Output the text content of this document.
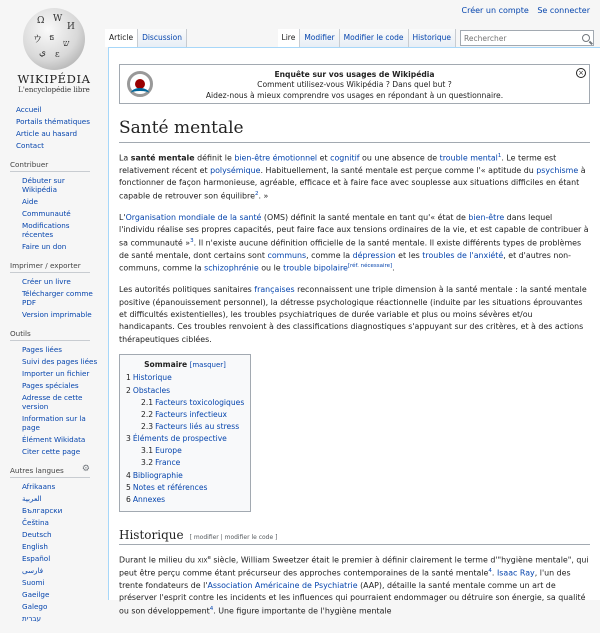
Créer un compte Se connecter
Ω W
И
ウ ธ
ש
ي ε
WIKIPÉDIA
L'encyclopédie libre
Article	Discussion	Lire	Modifier	Modifier le code	Historique
Rechercher
Accueil
Portails thématiques
Article au hasard
Contact
Contribuer
Débuter sur Wikipédia
Aide
Communauté
Modifications récentes
Faire un don
Imprimer / exporter
Créer un livre
Télécharger comme PDF
Version imprimable
Outils
Pages liées
Suivi des pages liées
Importer un fichier
Pages spéciales
Adresse de cette version
Information sur la page
Élément Wikidata
Citer cette page
Autres langues ⚙
Afrikaans
العربية
Български
Čeština
Deutsch
English
Español
فارسی
Suomi
Gaeilge
Galego
עברית
Enquête sur vos usages de Wikipédia
Comment utilisez-vous Wikipédia ? Dans quel but ?
Aidez-nous à mieux comprendre vos usages en répondant à un questionnaire.
×
Santé mentale

La santé mentale définit le bien-être émotionnel et cognitif ou une absence de trouble mental$^1$. Le terme est relativement récent et polysémique. Habituellement, la santé mentale est perçue comme l'« aptitude du psychisme à fonctionner de façon harmonieuse, agréable, efficace et à faire face avec souplesse aux situations difficiles en étant capable de retrouver son équilibre$^2$. »

L'Organisation mondiale de la santé (OMS) définit la santé mentale en tant qu'« état de bien-être dans lequel l'individu réalise ses propres capacités, peut faire face aux tensions ordinaires de la vie, et est capable de contribuer à sa communauté »$^3$. Il n'existe aucune définition officielle de la santé mentale. Il existe différents types de problèmes de santé mentale, dont certains sont communs, comme la dépression et les troubles de l'anxiété, et d'autres non-communs, comme la schizophrénie ou le trouble bipolaire[réf. nécessaire].

Les autorités politiques sanitaires françaises reconnaissent une triple dimension à la santé mentale : la santé mentale positive (épanouissement personnel), la détresse psychologique réactionnelle (induite par les situations éprouvantes et difficultés existentielles), les troubles psychiatriques de durée variable et plus ou moins sévères et/ou handicapants. Ces troubles renvoient à des classifications diagnostiques s'appuyant sur des critères, et à des actions thérapeutiques ciblées.

Sommaire [masquer]
1 Historique
2 Obstacles
2.1 Facteurs toxicologiques
2.2 Facteurs infectieux
2.3 Facteurs liés au stress
3 Éléments de prospective
3.1 Europe
3.2 France
4 Bibliographie
5 Notes et références
6 Annexes
Historique [ modifier | modifier le code ]

Durant le milieu du xix$^e$ siècle, William Sweetzer était le premier à définir clairement le terme d'"hygiène mentale", qui peut être perçu comme étant précurseur des approches contemporaines de la santé mentale$^4$. Isaac Ray, l'un des trente fondateurs de l'Association Américaine de Psychiatrie (AAP), détaille la santé mentale comme un art de préserver l'esprit contre les incidents et les influences qui pourraient endommager ou détruire son énergie, sa qualité ou son développement$^4$. Une figure importante de l'hygiène mentale
